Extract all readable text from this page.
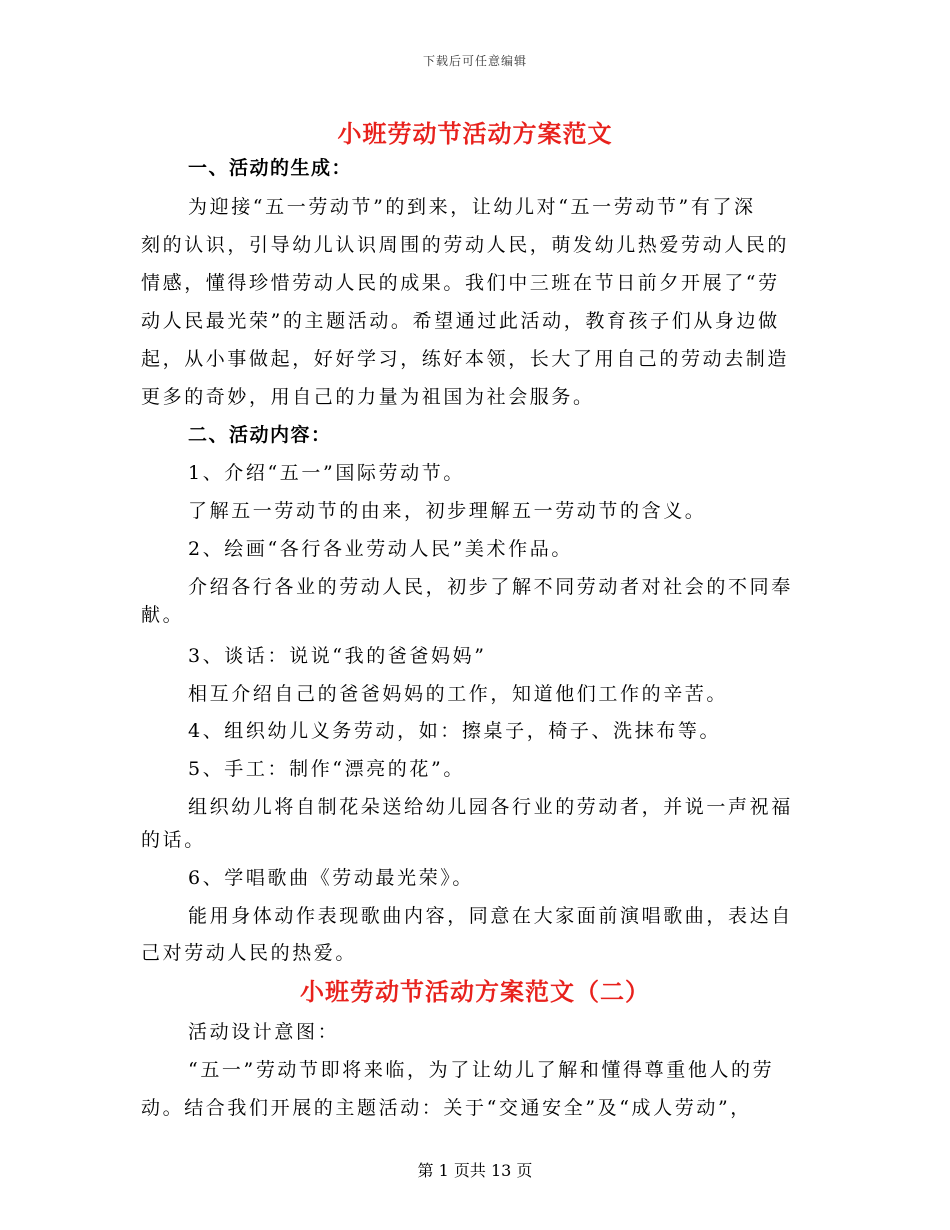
下载后可任意编辑
小班劳动节活动方案范文
一、活动的生成：
为迎接“五一劳动节”的到来，让幼儿对“五一劳动节”有了深
刻的认识，引导幼儿认识周围的劳动人民，萌发幼儿热爱劳动人民的
情感，懂得珍惜劳动人民的成果。我们中三班在节日前夕开展了“劳
动人民最光荣”的主题活动。希望通过此活动，教育孩子们从身边做
起，从小事做起，好好学习，练好本领，长大了用自己的劳动去制造
更多的奇妙，用自己的力量为祖国为社会服务。
二、活动内容：
1、介绍“五一”国际劳动节。
了解五一劳动节的由来，初步理解五一劳动节的含义。
2、绘画“各行各业劳动人民”美术作品。
介绍各行各业的劳动人民，初步了解不同劳动者对社会的不同奉
献。
3、谈话：说说“我的爸爸妈妈”
相互介绍自己的爸爸妈妈的工作，知道他们工作的辛苦。
4、组织幼儿义务劳动，如：擦桌子，椅子、洗抹布等。
5、手工：制作“漂亮的花”。
组织幼儿将自制花朵送给幼儿园各行业的劳动者，并说一声祝福
的话。
6、学唱歌曲《劳动最光荣》。
能用身体动作表现歌曲内容，同意在大家面前演唱歌曲，表达自
己对劳动人民的热爱。
小班劳动节活动方案范文（二）
活动设计意图：
“五一”劳动节即将来临，为了让幼儿了解和懂得尊重他人的劳
动。结合我们开展的主题活动：关于“交通安全”及“成人劳动”，
第 1 页共 13 页
